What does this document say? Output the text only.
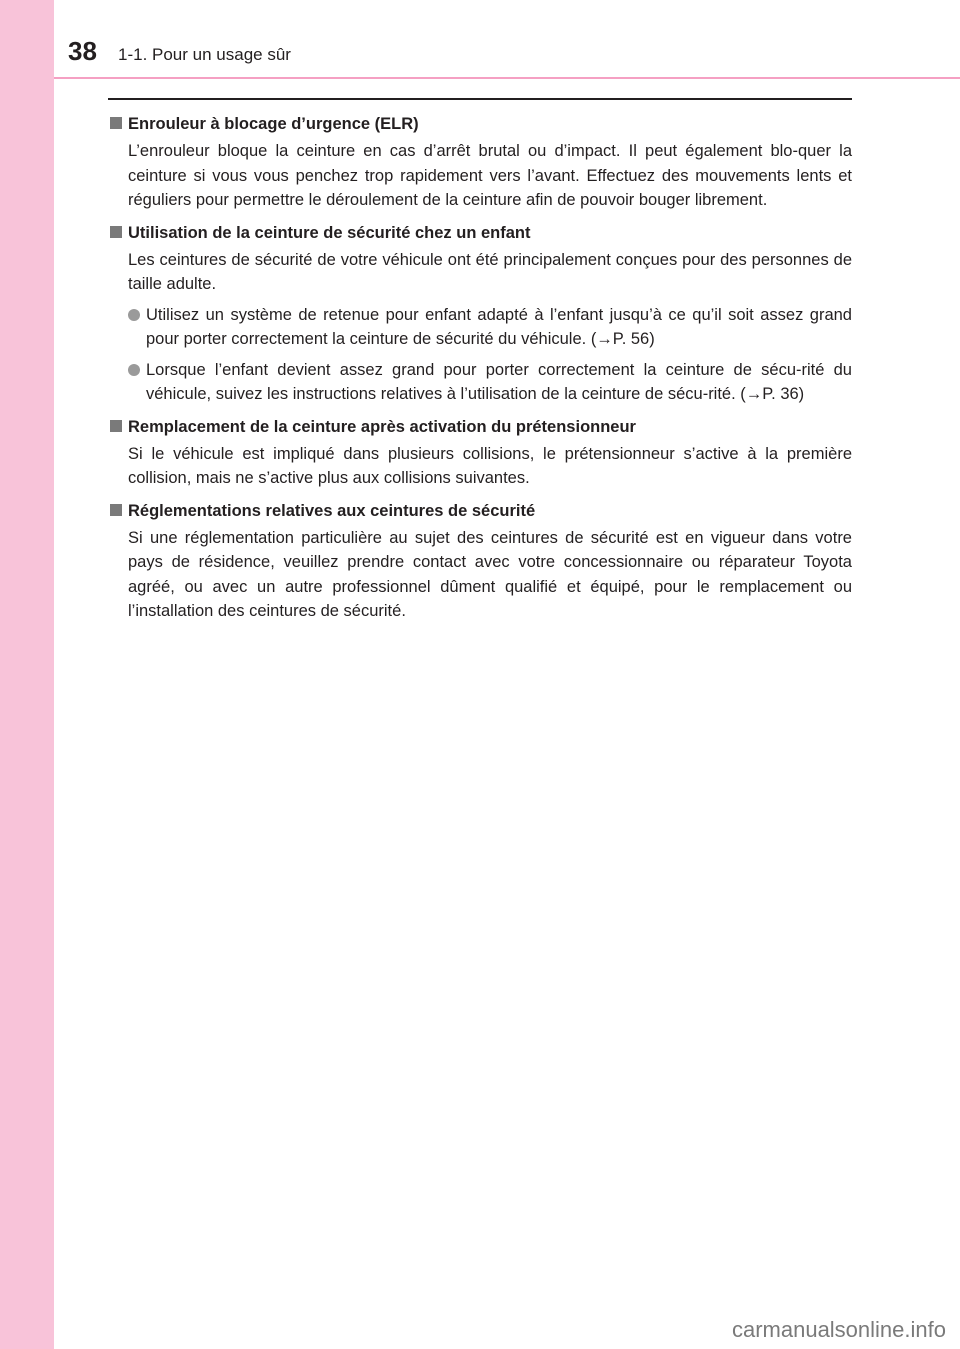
38 1-1. Pour un usage sûr
Enrouleur à blocage d’urgence (ELR)

L’enrouleur bloque la ceinture en cas d’arrêt brutal ou d’impact. Il peut également blo-quer la ceinture si vous vous penchez trop rapidement vers l’avant. Effectuez des mouvements lents et réguliers pour permettre le déroulement de la ceinture afin de pouvoir bouger librement.

Utilisation de la ceinture de sécurité chez un enfant

Les ceintures de sécurité de votre véhicule ont été principalement conçues pour des personnes de taille adulte.

Utilisez un système de retenue pour enfant adapté à l’enfant jusqu’à ce qu’il soit assez grand pour porter correctement la ceinture de sécurité du véhicule. (→P. 56)
Lorsque l’enfant devient assez grand pour porter correctement la ceinture de sécu-rité du véhicule, suivez les instructions relatives à l’utilisation de la ceinture de sécu-rité. (→P. 36)
Remplacement de la ceinture après activation du prétensionneur

Si le véhicule est impliqué dans plusieurs collisions, le prétensionneur s’active à la première collision, mais ne s’active plus aux collisions suivantes.

Réglementations relatives aux ceintures de sécurité

Si une réglementation particulière au sujet des ceintures de sécurité est en vigueur dans votre pays de résidence, veuillez prendre contact avec votre concessionnaire ou réparateur Toyota agréé, ou avec un autre professionnel dûment qualifié et équipé, pour le remplacement ou l’installation des ceintures de sécurité.

carmanualsonline.info
